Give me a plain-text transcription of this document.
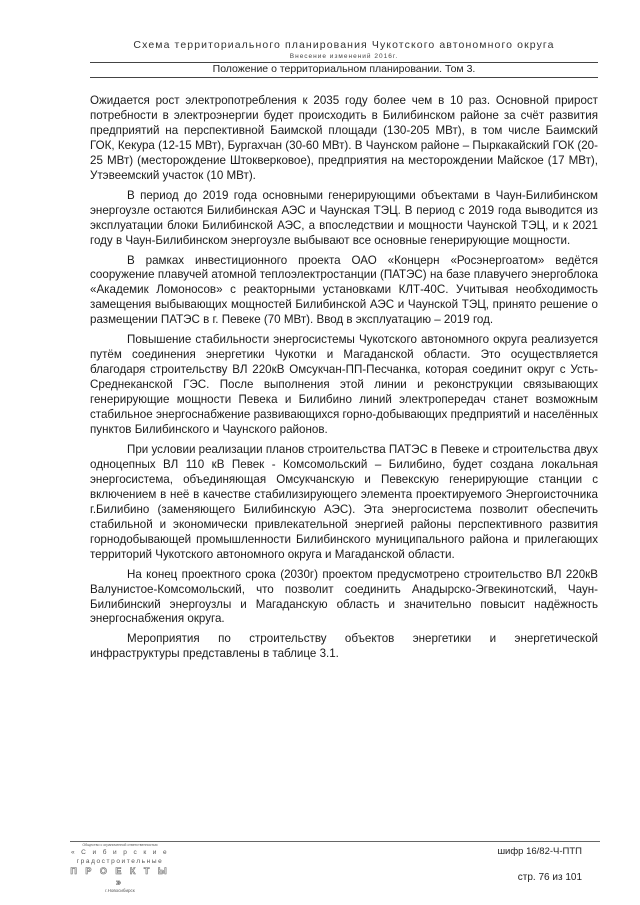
Схема территориального планирования Чукотского автономного округа
Внесение изменений 2016г.
Положение о территориальном планировании. Том 3.

Ожидается рост электропотребления к 2035 году более чем в 10 раз. Основной прирост потребности в электроэнергии будет происходить в Билибинском районе за счёт развития предприятий на перспективной Баимской площади (130-205 МВт), в том числе Баимский ГОК, Кекура (12-15 МВт), Бургахчан (30-60 МВт). В Чаунском районе – Пыркакайский ГОК (20-25 МВт) (месторождение Штокверковое), предприятия на месторождении Майское (17 МВт), Утэвеемский участок (10 МВт).

В период до 2019 года основными генерирующими объектами в Чаун-Билибинском энергоузле остаются Билибинская АЭС и Чаунская ТЭЦ. В период с 2019 года выводится из эксплуатации блоки Билибинской АЭС, а впоследствии и мощности Чаунской ТЭЦ, и к 2021 году в Чаун-Билибинском энергоузле выбывают все основные генерирующие мощности.

В рамках инвестиционного проекта ОАО «Концерн «Росэнергоатом» ведётся сооружение плавучей атомной теплоэлектростанции (ПАТЭС) на базе плавучего энергоблока «Академик Ломоносов» с реакторными установками КЛТ-40С. Учитывая необходимость замещения выбывающих мощностей Билибинской АЭС и Чаунской ТЭЦ, принято решение о размещении ПАТЭС в г. Певеке (70 МВт). Ввод в эксплуатацию – 2019 год.

Повышение стабильности энергосистемы Чукотского автономного округа реализуется путём соединения энергетики Чукотки и Магаданской области. Это осуществляется благодаря строительству ВЛ 220кВ Омсукчан-ПП-Песчанка, которая соединит округ с Усть-Среднеканской ГЭС. После выполнения этой линии и реконструкции связывающих генерирующие мощности Певека и Билибино линий электропередач станет возможным стабильное энергоснабжение развивающихся горно-добывающих предприятий и населённых пунктов Билибинского и Чаунского районов.

При условии реализации планов строительства ПАТЭС в Певеке и строительства двух одноцепных ВЛ 110 кВ Певек - Комсомольский – Билибино, будет создана локальная энергосистема, объединяющая Омсукчанскую и Певекскую генерирующие станции с включением в неё в качестве стабилизирующего элемента проектируемого Энергоисточника г.Билибино (заменяющего Билибинскую АЭС). Эта энергосистема позволит обеспечить стабильной и экономически привлекательной энергией районы перспективного развития горнодобывающей промышленности Билибинского муниципального района и прилегающих территорий Чукотского автономного округа и Магаданской области.

На конец проектного срока (2030г) проектом предусмотрено строительство ВЛ 220кВ Валунистое-Комсомольский, что позволит соединить Анадырско-Эгвекинотский, Чаун-Билибинский энергоузлы и Магаданскую область и значительно повысит надёжность энергоснабжения округа.

Мероприятия по строительству объектов энергетики и энергетической инфраструктуры представлены в таблице 3.1.

Общество с ограниченной ответственностью
« С и б и р с к и е
градостроительные
П Р О Е К Т Ы »
г.Новосибирск
шифр 16/82-Ч-ПТП
стр. 76 из 101
